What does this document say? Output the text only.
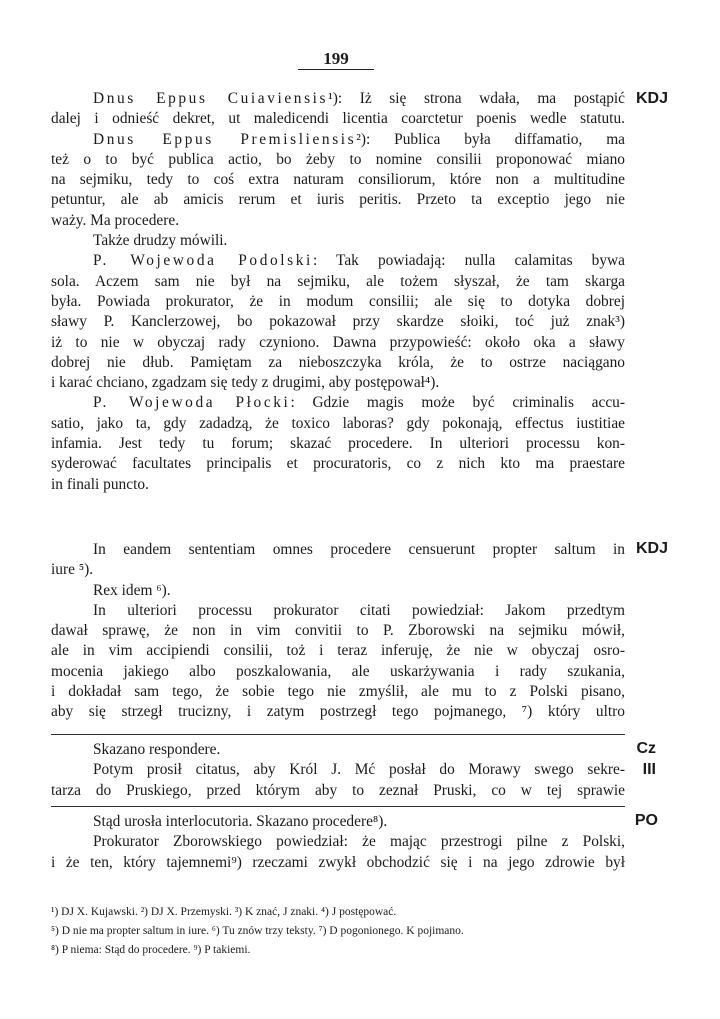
199
Dnus Eppus Cuiaviensis¹): Iż się strona wdała, ma postąpić
dalej i odnieść dekret, ut maledicendi licentia coarctetur poenis wedle statutu.
Dnus Eppus Premisliensis²): Publica była diffamatio, ma
też o to być publica actio, bo żeby to nomine consilii proponować miano
na sejmiku, tedy to coś extra naturam consiliorum, które non a multitudine
petuntur, ale ab amicis rerum et iuris peritis. Przeto ta exceptio jego nie
waży. Ma procedere.
Także drudzy mówili.
P. Wojewoda Podolski: Tak powiadają: nulla calamitas bywa
sola. Aczem sam nie był na sejmiku, ale tożem słyszał, że tam skarga
była. Powiada prokurator, że in modum consilii; ale się to dotyka dobrej
sławy P. Kanclerzowej, bo pokazował przy skardze słoiki, toć już znak³)
iż to nie w obyczaj rady czyniono. Dawna przypowieść: około oka a sławy
dobrej nie dłub. Pamiętam za nieboszczyka króla, że to ostrze naciągano
i karać chciano, zgadzam się tedy z drugimi, aby postępował⁴).
P. Wojewoda Płocki: Gdzie magis może być criminalis accu-
satio, jako ta, gdy zadadzą, że toxico laboras? gdy pokonają, effectus iustitiae
infamia. Jest tedy tu forum; skazać procedere. In ulteriori processu kon-
syderować facultates principalis et procuratoris, co z nich kto ma praestare
in finali puncto.
In eandem sententiam omnes procedere censuerunt propter saltum in
iure ⁵).
Rex idem ⁶).
In ulteriori processu prokurator citati powiedział: Jakom przedtym
dawał sprawę, że non in vim convitii to P. Zborowski na sejmiku mówił,
ale in vim accipiendi consilii, toż i teraz inferuję, że nie w obyczaj osro-
mocenia jakiego albo poszkalowania, ale uskarżywania i rady szukania,
i dokładał sam tego, że sobie tego nie zmyślił, ale mu to z Polski pisano,
aby się strzegł trucizny, i zatym postrzegł tego pojmanego, ⁷) który ultro
Skazano respondere.
Potym prosił citatus, aby Król J. Mć posłał do Morawy swego sekre-
tarza do Pruskiego, przed którym aby to zeznał Pruski, co w tej sprawie
Stąd urosła interlocutoria. Skazano procedere⁸).
Prokurator Zborowskiego powiedział: że mając przestrogi pilne z Polski,
i że ten, który tajemnemi⁹) rzeczami zwykł obchodzić się i na jego zdrowie był
KDJ
KDJ
Cz
III
PO
¹) DJ X. Kujawski. ²) DJ X. Przemyski. ³) K znać, J znaki. ⁴) J postępować.
⁵) D nie ma propter saltum in iure. ⁶) Tu znów trzy teksty. ⁷) D pogonionego. K pojimano.
⁸) P niema: Stąd do procedere. ⁹) P takiemi.
